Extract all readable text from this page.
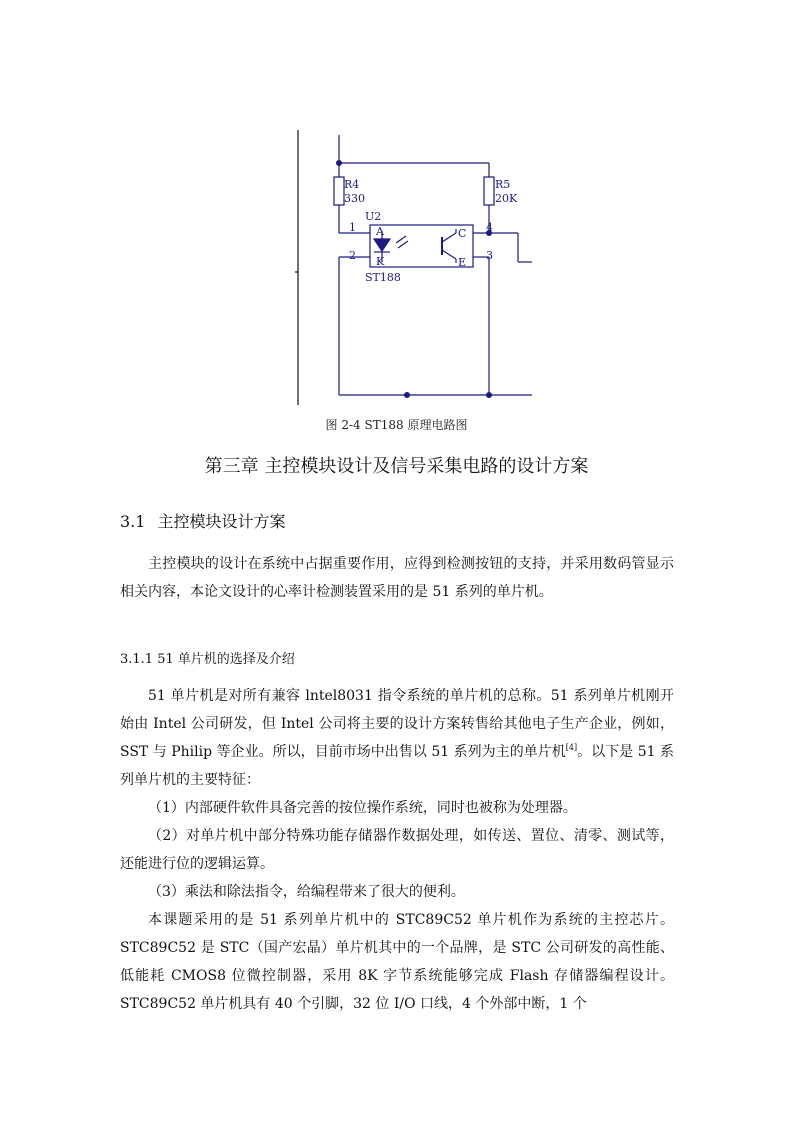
R4
330
R5
20K
U2
1
2	3
4
A
K
C
E
ST188
图 2-4 ST188 原理电路图
第三章 主控模块设计及信号采集电路的设计方案
3.1 主控模块设计方案

主控模块的设计在系统中占据重要作用，应得到检测按钮的支持，并采用数码管显示相关内容，本论文设计的心率计检测装置采用的是 51 系列的单片机。

3.1.1 51 单片机的选择及介绍

51 单片机是对所有兼容 lntel8031 指令系统的单片机的总称。51 系列单片机刚开始由 Intel 公司研发，但 Intel 公司将主要的设计方案转售给其他电子生产企业，例如， SST 与 Philip 等企业。所以，目前市场中出售以 51 系列为主的单片机[4]。以下是 51 系列单片机的主要特征：

（1）内部硬件软件具备完善的按位操作系统，同时也被称为处理器。

（2）对单片机中部分特殊功能存储器作数据处理，如传送、置位、清零、测试等，还能进行位的逻辑运算。

（3）乘法和除法指令，给编程带来了很大的便利。

本课题采用的是 51 系列单片机中的 STC89C52 单片机作为系统的主控芯片。STC89C52 是 STC（国产宏晶）单片机其中的一个品牌，是 STC 公司研发的高性能、低能耗 CMOS8 位微控制器，采用 8K 字节系统能够完成 Flash 存储器编程设计。STC89C52 单片机具有 40 个引脚，32 位 I/O 口线，4 个外部中断，1 个
